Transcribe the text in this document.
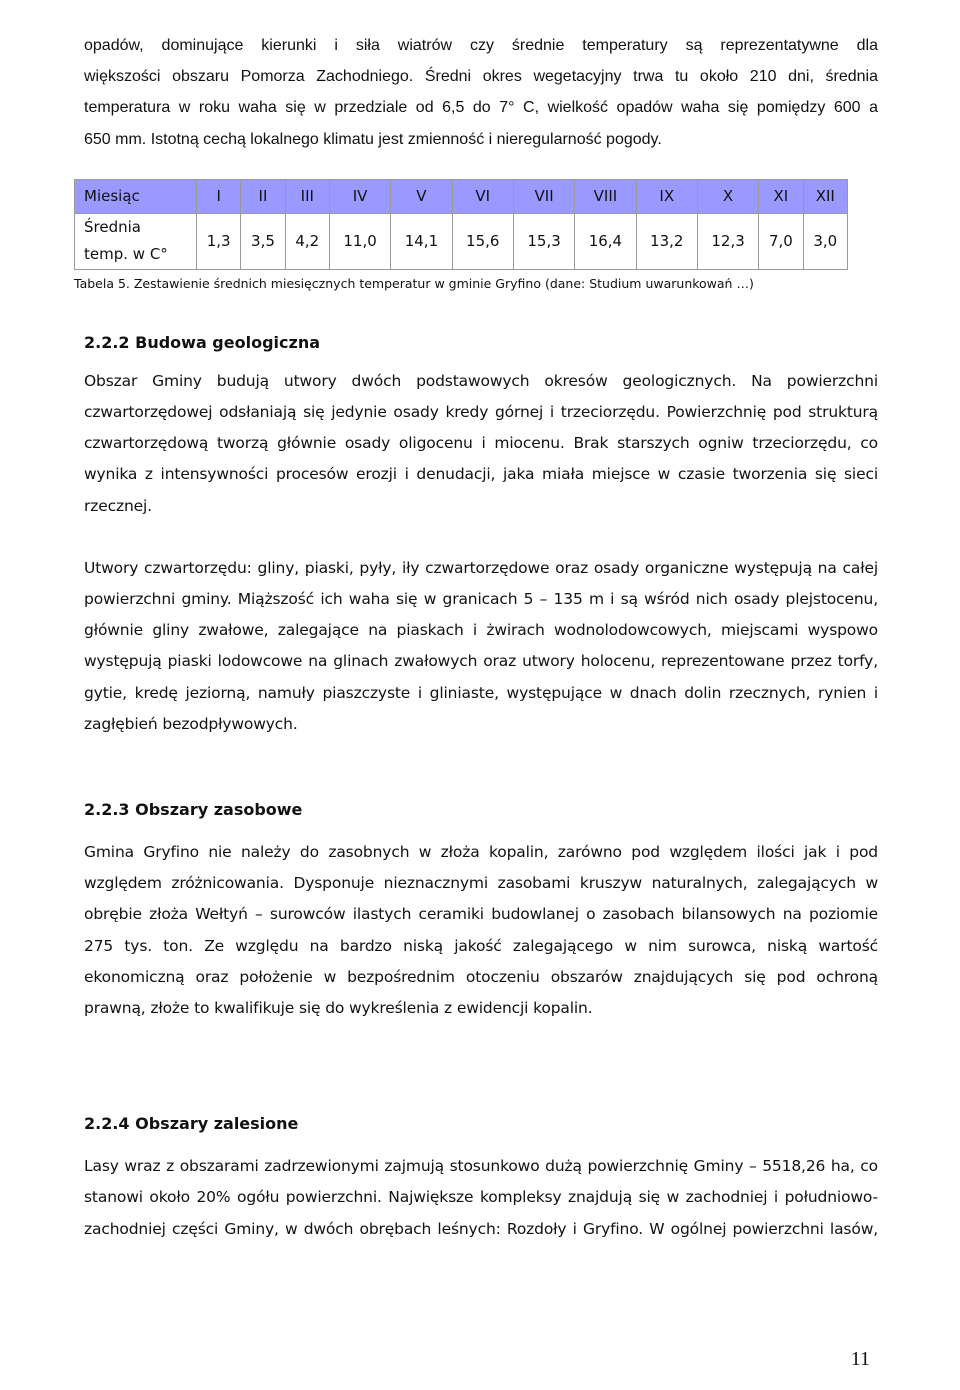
opadów, dominujące kierunki i siła wiatrów czy średnie temperatury są reprezentatywne dla
większości obszaru Pomorza Zachodniego. Średni okres wegetacyjny trwa tu około 210 dni, średnia
temperatura w roku waha się w przedziale od 6,5 do 7° C, wielkość opadów waha się pomiędzy 600 a
650 mm. Istotną cechą lokalnego klimatu jest zmienność i nieregularność pogody.

Miesiąc	I	II	III	IV	V	VI	VII	VIII	IX	X	XI	XII

Średnia
temp. w C°	1,3	3,5	4,2	11,0	14,1	15,6	15,3	16,4	13,2	12,3	7,0	3,0
Tabela 5. Zestawienie średnich miesięcznych temperatur w gminie Gryfino (dane: Studium uwarunkowań …)
2.2.2 Budowa geologiczna

Obszar Gminy budują utwory dwóch podstawowych okresów geologicznych. Na powierzchni
czwartorzędowej odsłaniają się jedynie osady kredy górnej i trzeciorzędu. Powierzchnię pod strukturą
czwartorzędową tworzą głównie osady oligocenu i miocenu. Brak starszych ogniw trzeciorzędu, co
wynika z intensywności procesów erozji i denudacji, jaka miała miejsce w czasie tworzenia się sieci
rzecznej.

Utwory czwartorzędu: gliny, piaski, pyły, iły czwartorzędowe oraz osady organiczne występują na całej
powierzchni gminy. Miąższość ich waha się w granicach 5 – 135 m i są wśród nich osady plejstocenu,
głównie gliny zwałowe, zalegające na piaskach i żwirach wodnolodowcowych, miejscami wyspowo
występują piaski lodowcowe na glinach zwałowych oraz utwory holocenu, reprezentowane przez torfy,
gytie, kredę jeziorną, namuły piaszczyste i gliniaste, występujące w dnach dolin rzecznych, rynien i
zagłębień bezodpływowych.

2.2.3 Obszary zasobowe

Gmina Gryfino nie należy do zasobnych w złoża kopalin, zarówno pod względem ilości jak i pod
względem zróżnicowania. Dysponuje nieznacznymi zasobami kruszyw naturalnych, zalegających w
obrębie złoża Wełtyń – surowców ilastych ceramiki budowlanej o zasobach bilansowych na poziomie
275 tys. ton. Ze względu na bardzo niską jakość zalegającego w nim surowca, niską wartość
ekonomiczną oraz położenie w bezpośrednim otoczeniu obszarów znajdujących się pod ochroną
prawną, złoże to kwalifikuje się do wykreślenia z ewidencji kopalin.

2.2.4 Obszary zalesione

Lasy wraz z obszarami zadrzewionymi zajmują stosunkowo dużą powierzchnię Gminy – 5518,26 ha, co
stanowi około 20% ogółu powierzchni. Największe kompleksy znajdują się w zachodniej i południowo-
zachodniej części Gminy, w dwóch obrębach leśnych: Rozdoły i Gryfino. W ogólnej powierzchni lasów,

11
